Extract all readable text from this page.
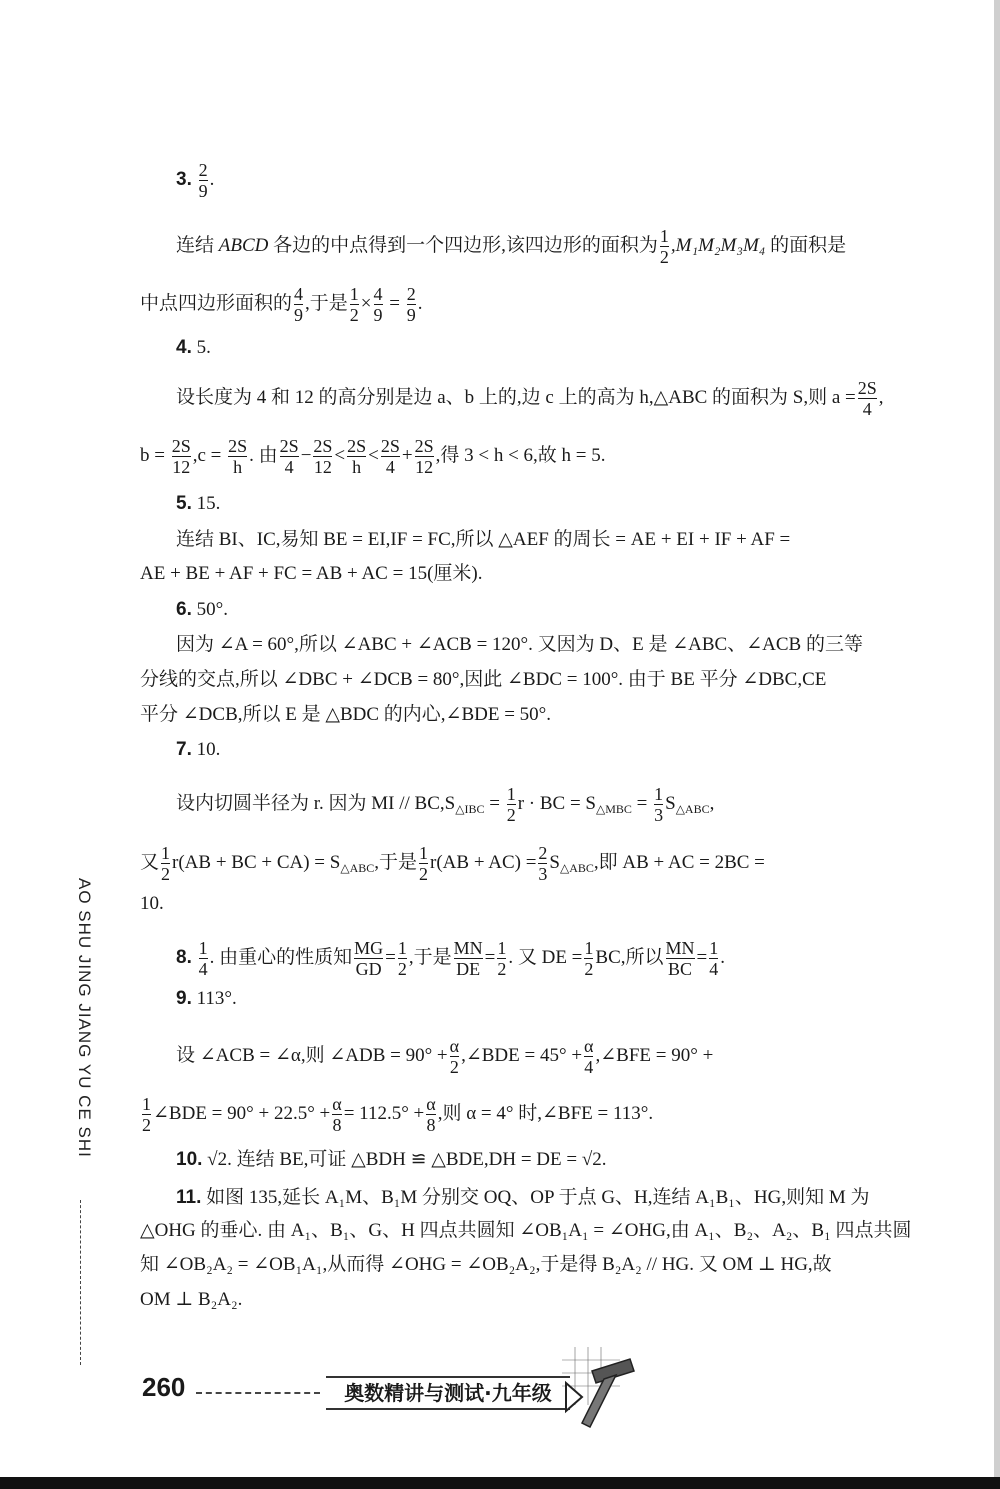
3. $\frac{2}{9}$ .
连结 ABCD 各边的中点得到一个四边形,该四边形的面积为 $\frac{1}{2} ,M_1M_2M_3M_4$ 的面积是
中点四边形面积的 $\frac{4}{9}$ ,于是 $\frac{1}{2} \times \frac{4}{9} = \frac{2}{9}$ .
4. 5.
设长度为 4 和 12 的高分别是边 a、b 上的,边 c 上的高为 h,△ABC 的面积为 S,则 $a = \frac{2S}{4}$ ,
$b = \frac{2S}{12} ,c = \frac{2S}{h}$ . 由 $\frac{2S}{4} - \frac{2S}{12} < \frac{2S}{h} < \frac{2S}{4} + \frac{2S}{12}$ ,得 3 < h < 6,故 h = 5.
5. 15.
连结 BI、IC,易知 BE = EI,IF = FC,所以 △AEF 的周长 = AE + EI + IF + AF =
AE + BE + AF + FC = AB + AC = 15(厘米).
6. 50°.
因为 ∠A = 60°,所以 ∠ABC + ∠ACB = 120°. 又因为 D、E 是 ∠ABC、∠ACB 的三等
分线的交点,所以 ∠DBC + ∠DCB = 80°,因此 ∠BDC = 100°. 由于 BE 平分 ∠DBC,CE
平分 ∠DCB,所以 E 是 △BDC 的内心,∠BDE = 50°.
7. 10.
设内切圆半径为 r. 因为 MI // $BC,S_{\triangle IBC} = \frac{1}{2}$ r · BC = $S_{\triangle MBC} = \frac{1}{3} S_{\triangle ABC}$,
又 $\frac{1}{2} r(AB$ + BC + $CA) = S_{\triangle ABC}$,于是 $\frac{1}{2} r(AB + AC) = \frac{2}{3} S_{\triangle ABC}$,即 AB + AC = 2BC =
10.
8. $\frac{1}{4}$ . 由重心的性质知 $\frac{MG}{GD} = \frac{1}{2}$ ,于是 $\frac{MN}{DE} = \frac{1}{2}$ . 又 DE = $\frac{1}{2}$ BC,所以 $\frac{MN}{BC} = \frac{1}{4}$ .
9. 113°.
设 ∠ACB = ∠α,则 ∠ADB = $90^\circ + \frac{\alpha}{2}$ ,∠BDE = $45^\circ + \frac{\alpha}{4}$ ,∠BFE = 90° +
$\frac{1}{2}$ ∠BDE = $90^\circ + 22.5^\circ + \frac{\alpha}{8} = 112.5^\circ + \frac{\alpha}{8}$ ,则 α = 4° 时,∠BFE = 113°.
10. √2. 连结 BE,可证 △BDH ≌ △BDE,DH = DE = √2.
11. 如图 135,延长 A₁M、B₁M 分别交 OQ、OP 于点 G、H,连结 A₁B₁、HG,则知 M 为
△OHG 的垂心. 由 A₁、B₁、G、H 四点共圆知 ∠OB₁A₁ = ∠OHG,由 A₁、B₂、A₂、B₁ 四点共圆
知 ∠OB₂A₂ = ∠OB₁A₁,从而得 ∠OHG = ∠OB₂A₂,于是得 B₂A₂ // HG. 又 OM ⊥ HG,故
OM ⊥ B₂A₂.
AO SHU JING JIANG YU CE SHI
260	奥数精讲与测试·九年级
